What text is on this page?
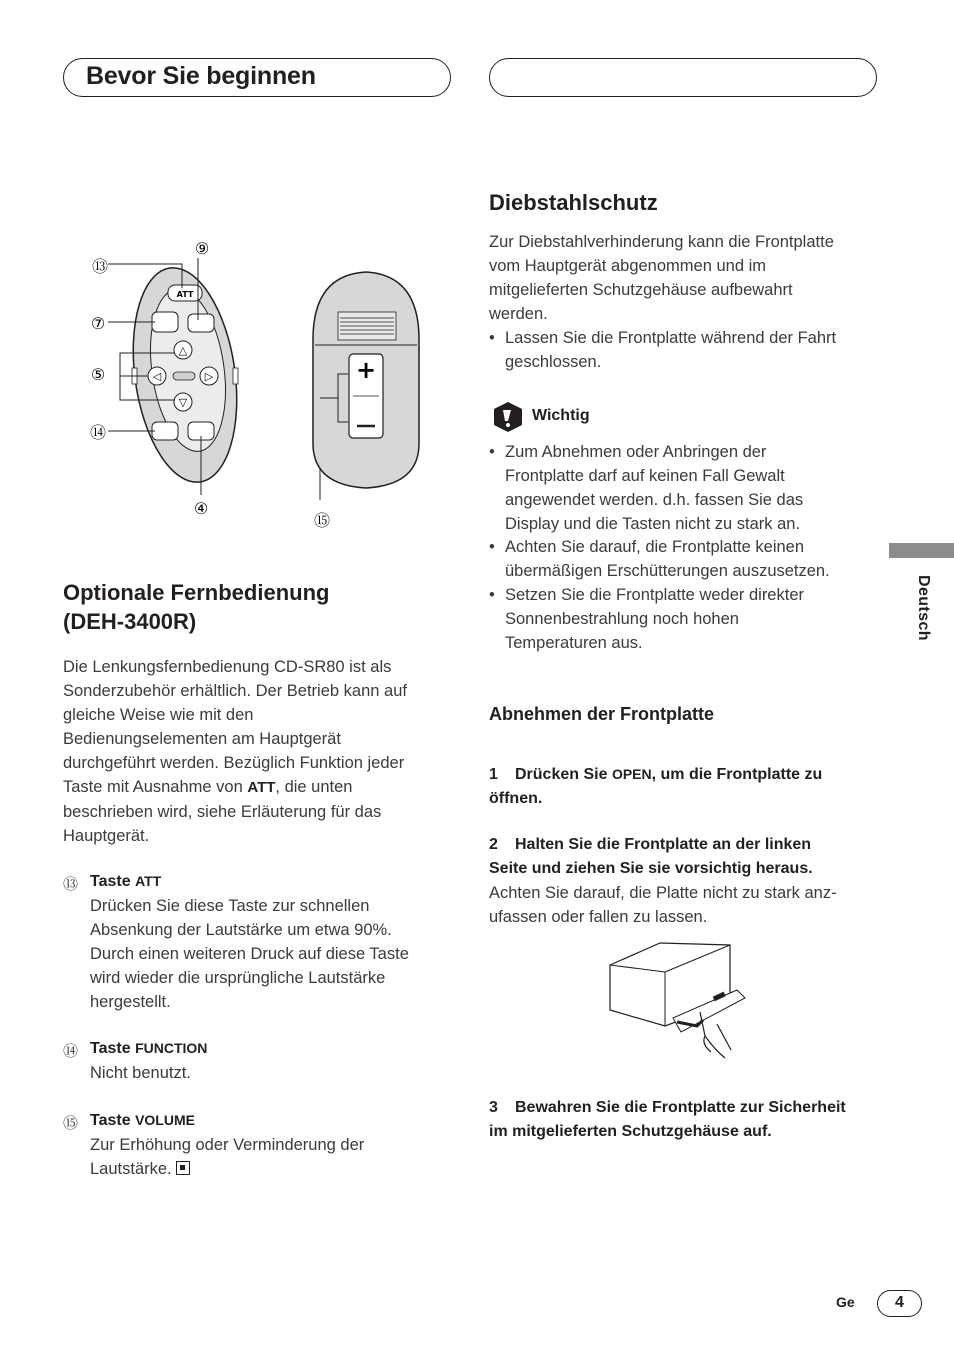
Bevor Sie beginnen
Deutsch
ATT
△
◁	▷
▽
⑬
⑨
⑦
⑤
⑭
④
⑮
+
Optionale Fernbedienung
(DEH-3400R)
Die Lenkungsfernbedienung CD-SR80 ist als
Sonderzubehör erhältlich. Der Betrieb kann auf
gleiche Weise wie mit den
Bedienungselementen am Hauptgerät
durchgeführt werden. Bezüglich Funktion jeder
Taste mit Ausnahme von ATT, die unten
beschrieben wird, siehe Erläuterung für das
Hauptgerät.
⑬ Taste ATT
Drücken Sie diese Taste zur schnellen
Absenkung der Lautstärke um etwa 90%.
Durch einen weiteren Druck auf diese Taste
wird wieder die ursprüngliche Lautstärke
hergestellt.
⑭ Taste FUNCTION
Nicht benutzt.
⑮ Taste VOLUME
Zur Erhöhung oder Verminderung der
Lautstärke.
Diebstahlschutz
Zur Diebstahlverhinderung kann die Frontplatte
vom Hauptgerät abgenommen und im
mitgelieferten Schutzgehäuse aufbewahrt
werden.
• Lassen Sie die Frontplatte während der Fahrt
geschlossen.
Wichtig
• Zum Abnehmen oder Anbringen der
Frontplatte darf auf keinen Fall Gewalt
angewendet werden. d.h. fassen Sie das
Display und die Tasten nicht zu stark an.
• Achten Sie darauf, die Frontplatte keinen
übermäßigen Erschütterungen auszusetzen.
• Setzen Sie die Frontplatte weder direkter
Sonnenbestrahlung noch hohen
Temperaturen aus.
Abnehmen der Frontplatte
1 Drücken Sie OPEN, um die Frontplatte zu
öffnen.
2 Halten Sie die Frontplatte an der linken
Seite und ziehen Sie sie vorsichtig heraus.
Achten Sie darauf, die Platte nicht zu stark anz-
ufassen oder fallen zu lassen.
3 Bewahren Sie die Frontplatte zur Sicherheit
im mitgelieferten Schutzgehäuse auf.
Ge	4
